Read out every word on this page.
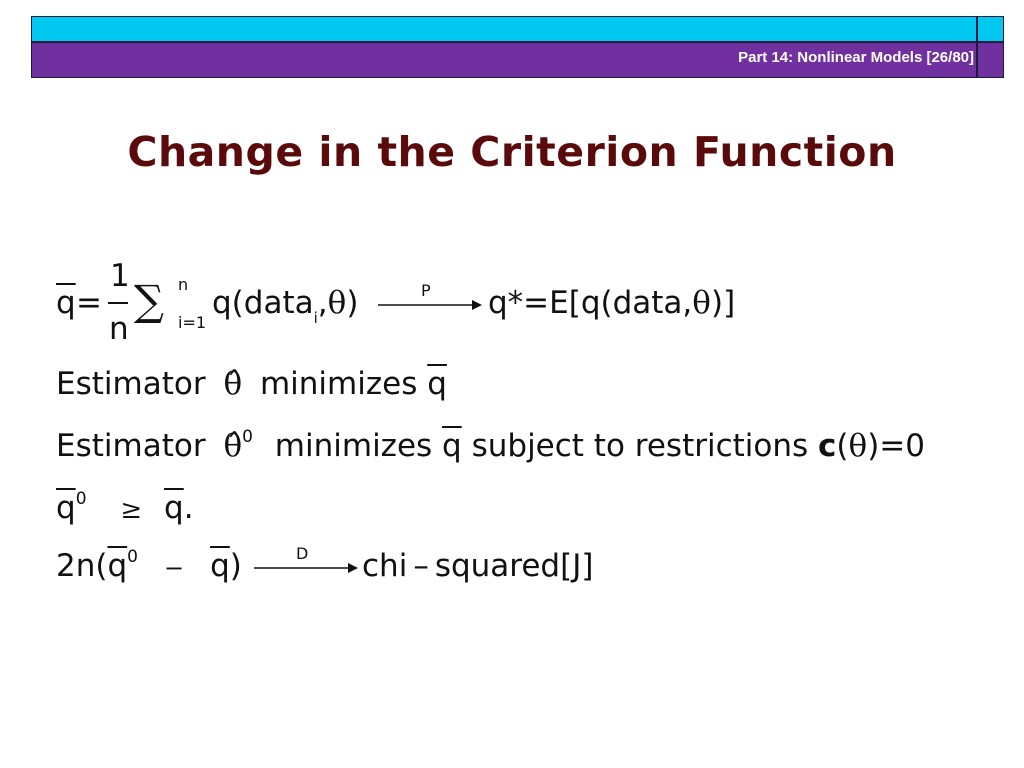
Part 14: Nonlinear Models [26/80]
Change in the Criterion Function
$\overline{q}$ =
1
n
∑ n
i=1
q(data$_i$,θ)	P q*=E[q(data,θ)]
Estimator θ̂ minimizes $\overline{q}$
Estimator θ̂$^0$ minimizes $\overline{q}$ subject to restrictions c(θ)=0
$\overline{q}^0 \ge \overline{q}$.
$2n(\overline{q}^0 - \overline{q})$	D chi – squared[J]
